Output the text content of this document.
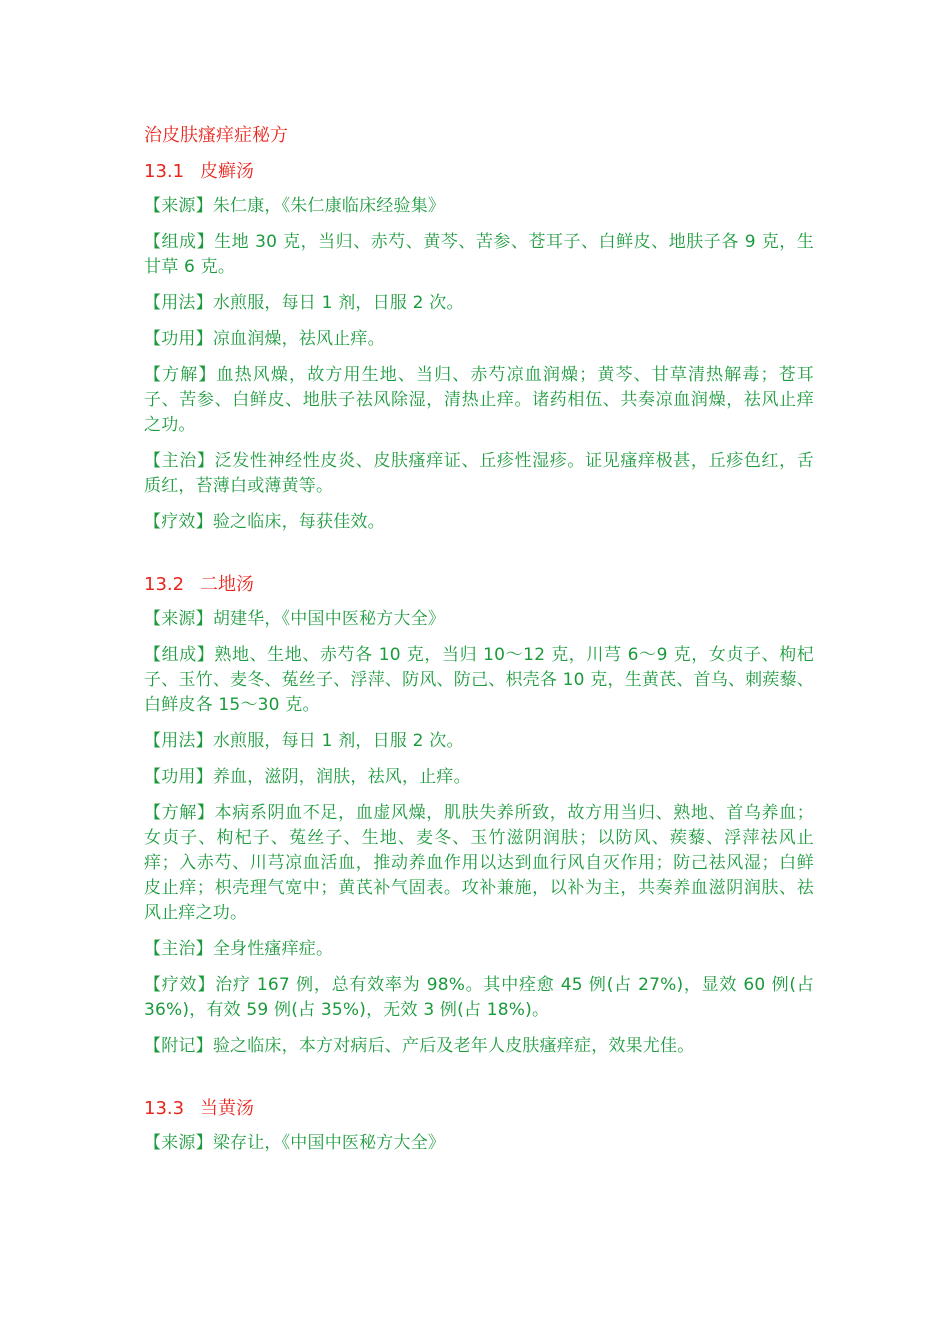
治皮肤瘙痒症秘方
13.1 皮癣汤

【来源】朱仁康，《朱仁康临床经验集》

【组成】生地 30 克，当归、赤芍、黄芩、苦参、苍耳子、白鲜皮、地肤子各 9 克，生甘草 6 克。

【用法】水煎服，每日 1 剂，日服 2 次。

【功用】凉血润燥，祛风止痒。

【方解】血热风燥，故方用生地、当归、赤芍凉血润燥；黄芩、甘草清热解毒；苍耳子、苦参、白鲜皮、地肤子祛风除湿，清热止痒。诸药相伍、共奏凉血润燥，祛风止痒之功。

【主治】泛发性神经性皮炎、皮肤瘙痒证、丘疹性湿疹。证见瘙痒极甚，丘疹色红，舌质红，苔薄白或薄黄等。

【疗效】验之临床，每获佳效。

13.2 二地汤

【来源】胡建华，《中国中医秘方大全》

【组成】熟地、生地、赤芍各 10 克，当归 10～12 克，川芎 6～9 克，女贞子、枸杞子、玉竹、麦冬、菟丝子、浮萍、防风、防己、枳壳各 10 克，生黄芪、首乌、刺蒺藜、白鲜皮各 15～30 克。

【用法】水煎服，每日 1 剂，日服 2 次。

【功用】养血，滋阴，润肤，祛风，止痒。

【方解】本病系阴血不足，血虚风燥，肌肤失养所致，故方用当归、熟地、首乌养血；女贞子、枸杞子、菟丝子、生地、麦冬、玉竹滋阴润肤；以防风、蒺藜、浮萍祛风止痒；入赤芍、川芎凉血活血，推动养血作用以达到血行风自灭作用；防己祛风湿；白鲜皮止痒；枳壳理气宽中；黄芪补气固表。攻补兼施，以补为主，共奏养血滋阴润肤、祛风止痒之功。

【主治】全身性瘙痒症。

【疗效】治疗 167 例，总有效率为 98%。其中痊愈 45 例(占 27%)，显效 60 例(占 36%)，有效 59 例(占 35%)，无效 3 例(占 18%)。

【附记】验之临床，本方对病后、产后及老年人皮肤瘙痒症，效果尤佳。

13.3 当黄汤

【来源】梁存让，《中国中医秘方大全》
